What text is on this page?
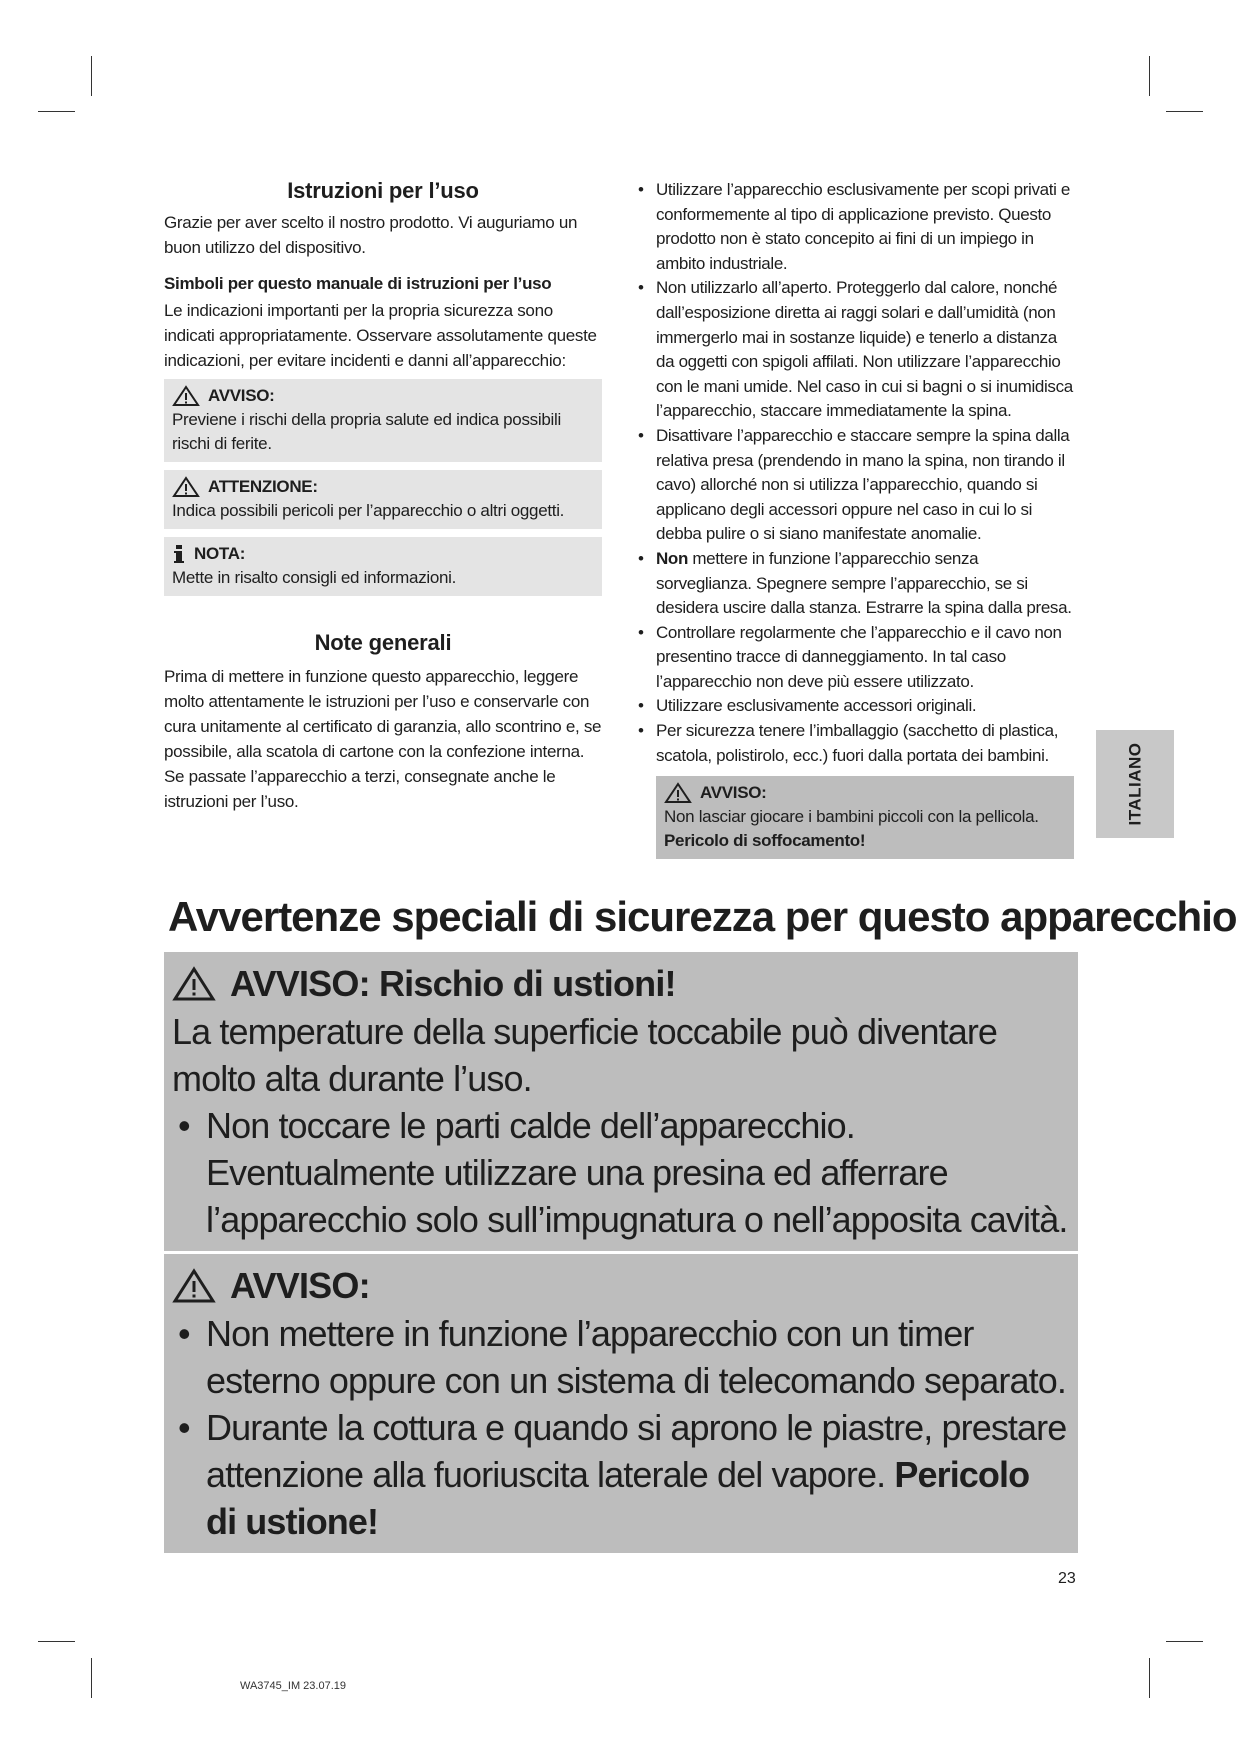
Istruzioni per l’uso

Grazie per aver scelto il nostro prodotto. Vi auguriamo un buon utilizzo del dispositivo.

Simboli per questo manuale di istruzioni per l’uso

Le indicazioni importanti per la propria sicurezza sono indicati appropriatamente. Osservare assolutamente queste indicazioni, per evitare incidenti e danni all’apparecchio:

AVVISO:
Previene i rischi della propria salute ed indica possibili rischi di ferite.
ATTENZIONE:
Indica possibili pericoli per l’apparecchio o altri oggetti.
NOTA:
Mette in risalto consigli ed informazioni.
Note generali

Prima di mettere in funzione questo apparecchio, leggere molto attentamente le istruzioni per l’uso e conservarle con cura unitamente al certificato di garanzia, allo scontrino e, se possibile, alla scatola di cartone con la confezione interna. Se passate l’apparecchio a terzi, consegnate anche le istruzioni per l’uso.

• Utilizzare l’apparecchio esclusivamente per scopi privati e conformemente al tipo di applicazione previsto. Questo prodotto non è stato concepito ai fini di un impiego in ambito industriale.
• Non utilizzarlo all’aperto. Proteggerlo dal calore, nonché dall’esposizione diretta ai raggi solari e dall’umidità (non immergerlo mai in sostanze liquide) e tenerlo a distanza da oggetti con spigoli affilati. Non utilizzare l’apparecchio con le mani umide. Nel caso in cui si bagni o si inumidisca l’apparecchio, staccare immediatamente la spina.
• Disattivare l’apparecchio e staccare sempre la spina dalla relativa presa (prendendo in mano la spina, non tirando il cavo) allorché non si utilizza l’apparecchio, quando si applicano degli accessori oppure nel caso in cui lo si debba pulire o si siano manifestate anomalie.
• Non mettere in funzione l’apparecchio senza sorveglianza. Spegnere sempre l’apparecchio, se si desidera uscire dalla stanza. Estrarre la spina dalla presa.
• Controllare regolarmente che l’apparecchio e il cavo non presentino tracce di danneggiamento. In tal caso l’apparecchio non deve più essere utilizzato.
• Utilizzare esclusivamente accessori originali.
• Per sicurezza tenere l’imballaggio (sacchetto di plastica, scatola, polistirolo, ecc.) fuori dalla portata dei bambini.
AVVISO:
Non lasciar giocare i bambini piccoli con la pellicola.
Pericolo di soffocamento!
ITALIANO
Avvertenze speciali di sicurezza per questo apparecchio
AVVISO: Rischio di ustioni!
La temperature della superficie toccabile può diventare molto alta durante l’uso.
• Non toccare le parti calde dell’apparecchio. Eventualmente utilizzare una presina ed afferrare l’apparecchio solo sull’impugnatura o nell’apposita cavità.
AVVISO:
• Non mettere in funzione l’apparecchio con un timer esterno oppure con un sistema di telecomando separato.
• Durante la cottura e quando si aprono le piastre, prestare attenzione alla fuoriuscita laterale del vapore. Pericolo di ustione!
23
WA3745_IM 23.07.19
